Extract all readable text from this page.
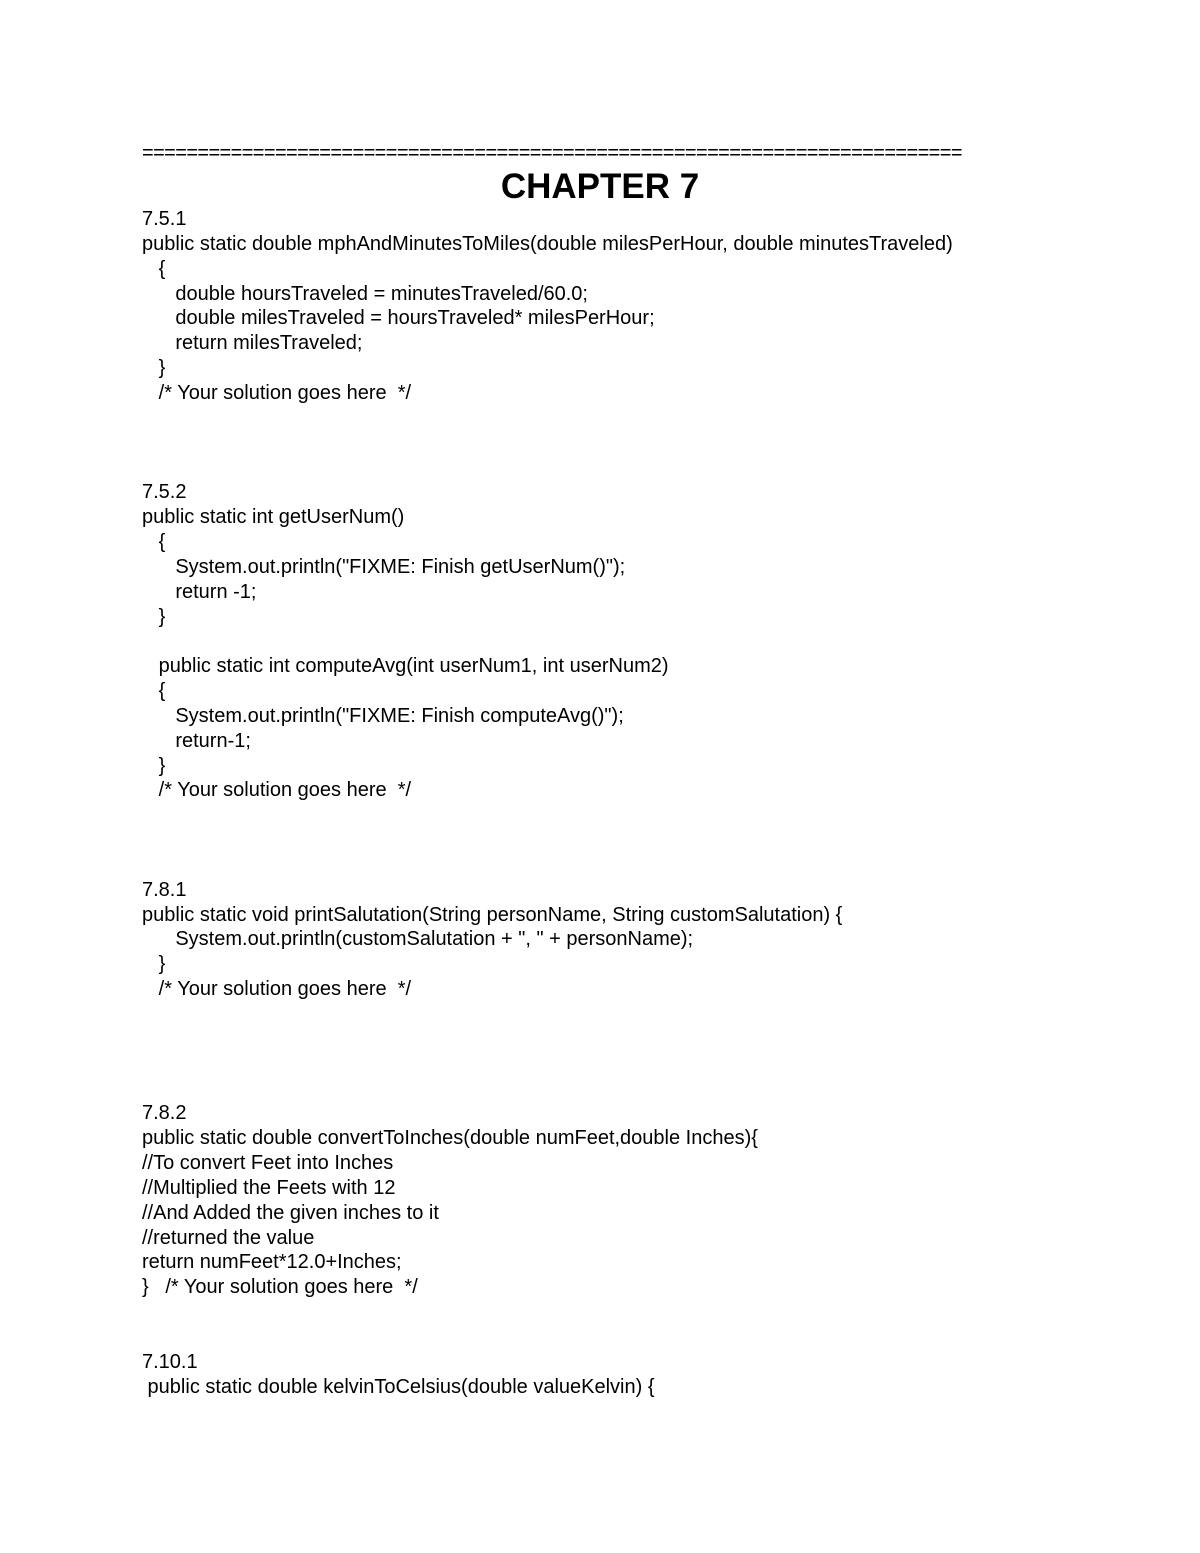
==========================================================================
CHAPTER 7
7.5.1
public static double mphAndMinutesToMiles(double milesPerHour, double minutesTraveled)
{
double hoursTraveled = minutesTraveled/60.0;
double milesTraveled = hoursTraveled* milesPerHour;
return milesTraveled;
}
/* Your solution goes here  */
7.5.2
public static int getUserNum()
{
System.out.println("FIXME: Finish getUserNum()");
return -1;
}
public static int computeAvg(int userNum1, int userNum2)
{
System.out.println("FIXME: Finish computeAvg()");
return-1;
}
/* Your solution goes here  */
7.8.1
public static void printSalutation(String personName, String customSalutation) {
System.out.println(customSalutation + ", " + personName);
}
/* Your solution goes here  */
7.8.2
public static double convertToInches(double numFeet,double Inches){
//To convert Feet into Inches
//Multiplied the Feets with 12
//And Added the given inches to it
//returned the value
return numFeet*12.0+Inches;
}   /* Your solution goes here  */
7.10.1
public static double kelvinToCelsius(double valueKelvin) {
